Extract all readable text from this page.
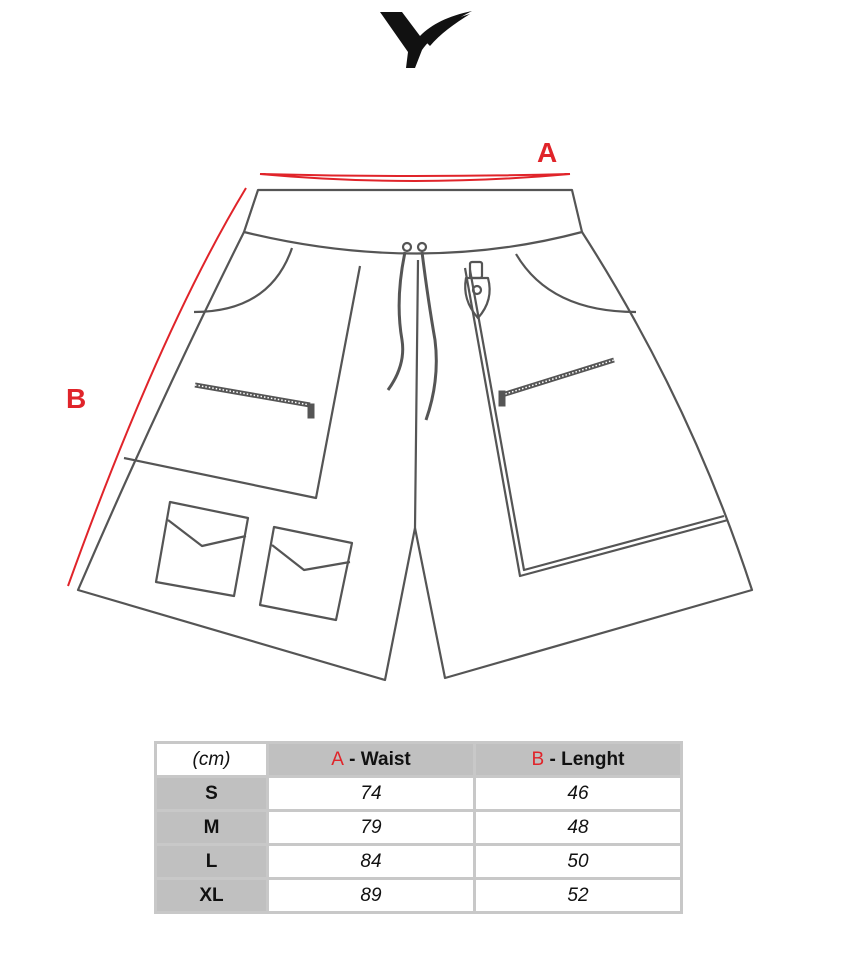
A
B
(cm)	A - Waist	B - Lenght
S	74	46
M	79	48
L	84	50
XL	89	52
